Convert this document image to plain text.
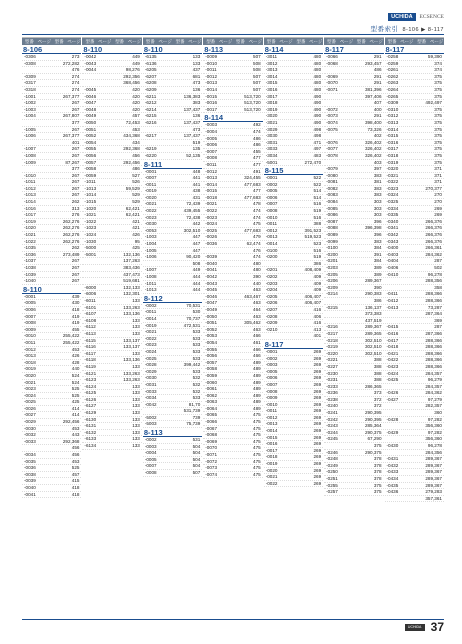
UCHIDA	ECSENCE
型番索引 8-106 ▶ 8-117
型番 ページ 型番 ページ
8-106
-0306	273
-0308	272,282
476
-0309	274
-0317	274
-0318	274
-1001	267,377
-1002	267
-1003	267
-1004	267,807
377
-1005	267
-1006	267,377
401
-1007	267
-1008	267
-1009	87,267
377
-1010	267
-1011	267
-1012	267
-1013	267
-1014	262
-1016	313
-1017	276
-1019	262,276
-1020	262,276
-1021	262,276
-1022	262,276
-1035	262
-1036	273,489
-1037	267
-1038	267
-1039	267
-1040	267
8-110
-0001	439
-0005	430
-0006	418
-0007	419
-0008	419
-0009	455
-0010	255,422
-0011	255,422
-0012	453
-0013	426
-0018	428
-0019	440
-0020	524
-0021	524
-0023	525
-0024	525
-0025	425
-0026	414
-0027	414
-0029	292,456
-0030	453
-0032	443
-0033	292,368
456
-0034	456
-0035	453
-0036	525
-0038	457
-0039	415
-0040	418
-0041	418
型番 ページ 型番 ページ
8-110
-0042	449
-0043	449
-0044	98,276
292,356
368,456
-0045	420
-0046	420
-0047	420
-0048	420
-0049	457
-0050	72,453
-0051	453
-0052	434,368
-0054	434
-0055	292,368
-0056	456
-0057	292,456
-0058	486
-0059	527
-1011	526
-1013	59,529
-1014	529
-1015	529
-1020	62,421
-1021	62,421
-1022	421
-1023	421
-1024	426
-1030	95
-5000	425
-5001	132,136
137,263
383,436
437,473
519,681
-6000	132,133
-6006	132,301
-6011	133
-6101	133,263
-6107	133,136
-6108	133
-6112	133
-6113	133
-6115	133,137
-6116	133,137
-6117	133
-6118	133,136
-6119	133
-6121	133,263
-6123	133,263
-6124	133
-6125	133
-6126	133
-6127	133
-6129	133
-6130	133
-6131	133
-6132	133
-6133	133
-6134	133
型番 ページ 型番 ページ
8-110
-6135	133
-6136	133
-6205	437
-6207	681
-6208	473
-6209	136
-6211	136,383
-6212	383
-6214	137,437
-6215	136
-6216	137,437
473
-6217	137,437
519
-6219	135
-6220	52,135
8-111
-0001	448
-0007	441
-0011	441
-0019	438
-0020	431
-0021	72,439
-0022	439,455
-0023	72,438
-0030	442
-0053	302,510
-1003	447
-1004	447
-1005	447
-1006	90,420
508
-1007	449
-1008	444
-1011	444
-1013	444
8-112
-0002	70,531
-0011	530
-0014	70,737
-0019	472,531
-0021	533
-0022	533
-0023	533
-0024	533
-0025	533
-0028	399,442
-0029	533
-0030	532
-0031	532
-0033	532
-0034	533
-0042	81,70
531,739
-5002	739
-5003	75,739
8-113
-0002	531
-0003	504
-0004	504
-0005	504
-0007	504
-0008	507
型番 ページ 型番 ページ
8-113
-0009	507
-0010	508
-0011	508
-0012	507
-0013	507
-0014	507
-0015	513,720
-0016	513,720
-0017	513,720
8-114
-0003	492
-0004	474
-0005	486
-0006	486
-0007	455
-0008	477
-0011	477
-0012	491
-0013	324,455
-0014	477,683
-0015	477
-0018	477,683
-0021	478
-0022	474
-0023	474
-0024	475
-0025	477,683
-0026	479
-0036	62,474
476
-0039	474
-0040	480
-0041	480
-0042	390
-0043	440
-0045	463
-0046	463,467
-0047	463
-0049	464
-0050	463
-0051	305,462
-0052	463
-0053	466
-0054	461
-0055	466
-0056	466
-0057	489
-0058	489
-0059	489
-0060	489
-0061	489
-0062	489
-0063	489
-0064	489
-0065	475
-0066	475
-0067	475
-0068	475
-0069	475
-0070	475
-0071	475
-0072	475
-0073	475
-0074	475
型番 ページ 型番 ページ
8-114
-3011	480
-3012	480
-3013	480
-3014	480
-3015	480
-3016	480
-3017	490
-3018	490
-3019	490
-3020	490
-3021	490
-3029	498
-3030	498
-3031	471
-3033	497
-3034	483
-5001	272,470
8-115
-0001	522
-0002	522
-0005	514
-0006	514
-0007	516
-0008	519
-0010	516
-0011	388
-0012	391,523
-0013	519,523
-0014	523
-0100	516
-0200	519
386
-0201	408,409
-0202	409
-0203	409
-0204	409
-0205	406,407
-0206	406,407
-0207	416
-0208	406
-0209	416
-0210	413
401
8-117
-0001	269
-0002	269
-0003	269
-0005	269
-0006	269
-0007	269
-0008	269
-0009	269
-0010	269
-0011	269
-0012	269
-0013	269
-0014	269
-0015	269
-0016	269
-0017	269
-0018	269
-0019	269
-0020	269
-0021	269
-0022	269
型番 ページ 型番 ページ
8-117
-0066	291
-0068	293,457
486
-0069	291
-0070	291
-0071	381,396
397,406
407
-0072	400
-0073	291
-0074	398,400
-0075	73,326
402
-0076	326,402
-0077	326,402
-0078	326,402
403
-0079	397
-0080	383
-0081	381
-0082	383
-0083	383
-0084	303
-0085	303
-0086	303
-0087	396
-0088	396,398
-0089	396
-0099	383
-0100	384
-0200	391
-0201	384
-0203	389
-0205	389
-0206	289,367
-0209	390
-0214	290,383
386
-0215	136,137
373,383
437,519
-0216	289,367
-0217	289,365
-0218	302,510
-0219	302,510
-0220	302,510
-0221	388
-0227	388
-0230	388
-0231	388
-0233	286,365
-0236	373
-0238	372
-0240	372
-0241	290,395
-0242	290,395
-0243	285,364
-0244	290,375
-0245	67,290
375
-0246	290,375
-0248	378
-0249	378
-0250	378
-0251	378
-0255	375
-0257	375
型番 ページ 型番 ページ
8-117
-0258	59,390
-0259	374
-0261	374
-0262	375
-0263	375
-0264	375
-0265	375
-0309	492,497
-0310	375
-0312	375
-0313	375
-0314	375
-0315	375
-0316	375
-0317	375
-0318	375
-0319	375
-0320	371
-0321	371
-0322	371
-0323	270,377
-0324	270
-0325	270
-0334	269
-0335	269
-0340	266,376
-0341	266,376
-0342	266,376
-0343	266,376
-0400	266,361
-0403	284,362
-0404	287
-0406	502
-0410	96,278
288,356
358
-0411	288,366
-0412	288,366
-0413	73,287
287,364
369
-0415	287
-0416	287,366
-0417	288,366
-0418	288,366
-0421	288,366
-0422	288,366
-0423	288,366
-0424	284,357
-0425	96,279
284,357
-0426	284,362
-0427	97,279
282,357
360
-0428	97,282
356,360
-0429	97,282
356,360
-0430	96,278
284,356
-0431	289,367
-0432	289,367
-0433	289,367
-0434	289,367
-0435	289,367
-0436	279,283
357,361
UCHIDA 37
